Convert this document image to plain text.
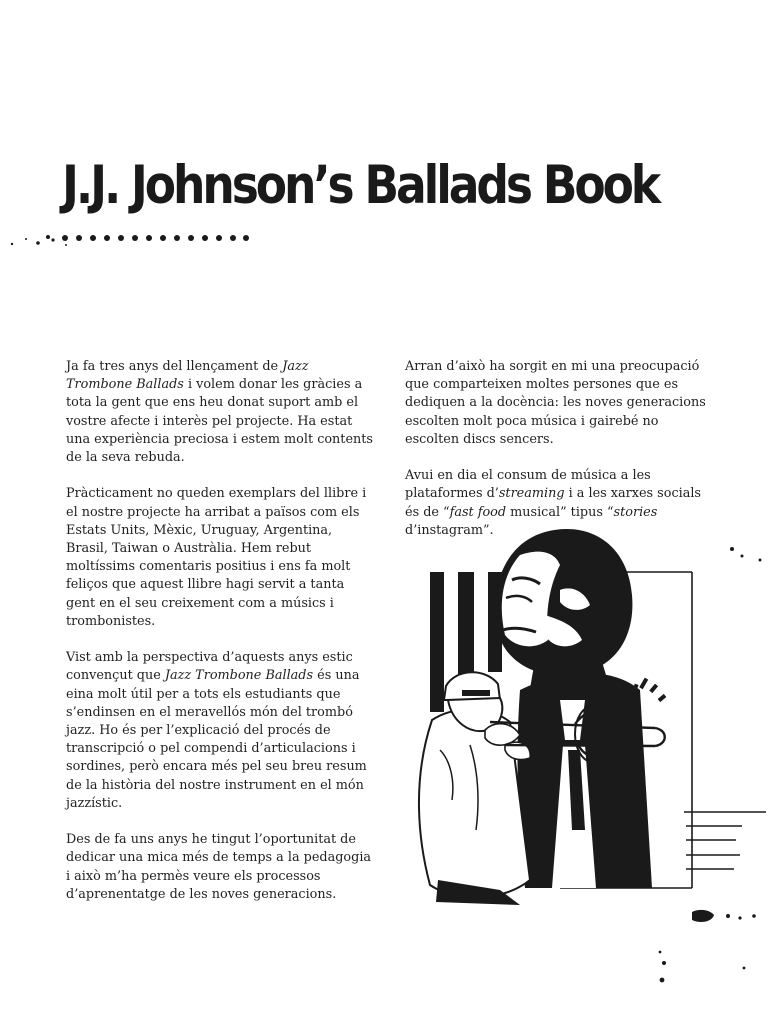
J.J. Johnson’s Ballads Book

Ja fa tres anys del llençament de Jazz Trombone Ballads i volem donar les gràcies a tota la gent que ens heu donat suport amb el vostre afecte i interès pel projecte. Ha estat una experiència preciosa i estem molt contents de la seva rebuda.

Pràcticament no queden exemplars del llibre i el nostre projecte ha arribat a països com els Estats Units, Mèxic, Uruguay, Argentina, Brasil, Taiwan o Austràlia. Hem rebut moltíssims comentaris positius i ens fa molt feliços que aquest llibre hagi servit a tanta gent en el seu creixement com a músics i trombonistes.

Vist amb la perspectiva d’aquests anys estic convençut que Jazz Trombone Ballads és una eina molt útil per a tots els estudiants que s’endinsen en el meravellós món del trombó jazz. Ho és per l’explicació del procés de transcripció o pel compendi d’articulacions i sordines, però encara més pel seu breu resum de la història del nostre instrument en el món jazzístic.

Des de fa uns anys he tingut l’oportunitat de dedicar una mica més de temps a la pedagogia i això m’ha permès veure els processos d’aprenentatge de les noves generacions.

Arran d’això ha sorgit en mi una preocupació que comparteixen moltes persones que es dediquen a la docència: les noves generacions escolten molt poca música i gairebé no escolten discs sencers.

Avui en dia el consum de música a les plataformes d’streaming i a les xarxes socials és de “fast food musical” tipus “stories d’instagram”.
